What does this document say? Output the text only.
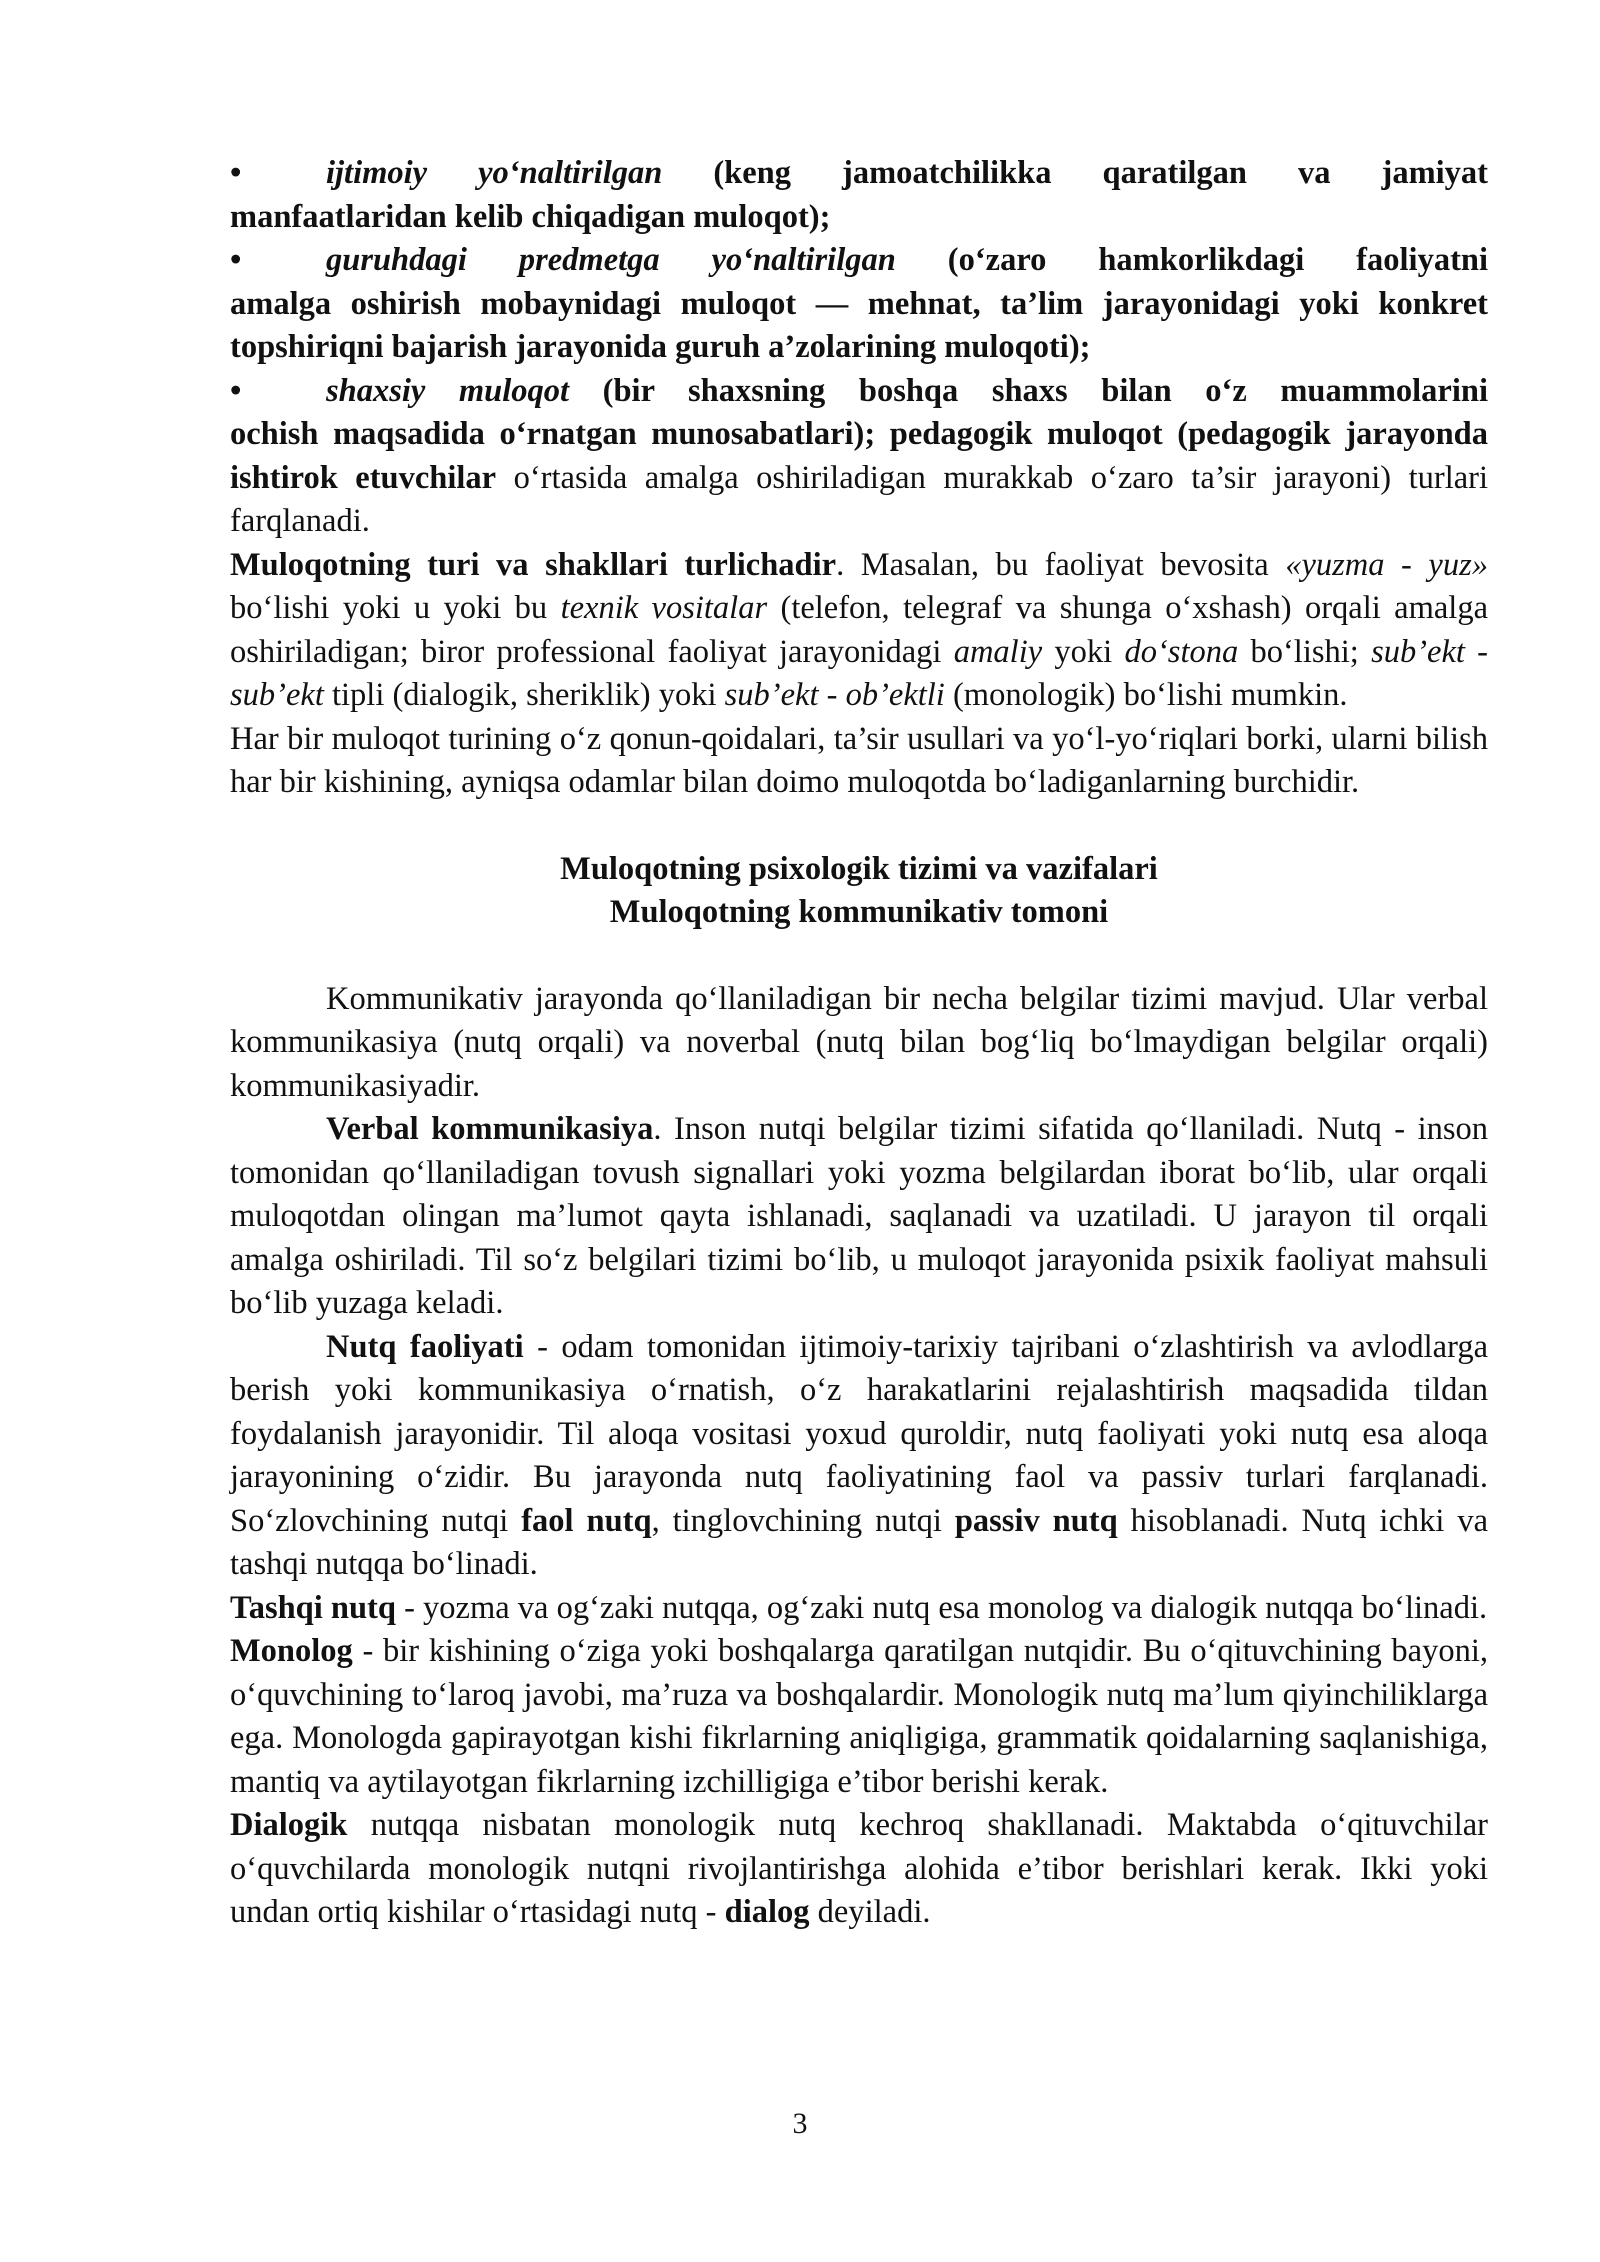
•	ijtimoiy yo‘naltirilgan (keng jamoatchilikka qaratilgan va jamiyat

manfaatlaridan kelib chiqadigan muloqot);

•	guruhdagi predmetga yo‘naltirilgan (o‘zaro hamkorlikdagi faoliyatni

amalga oshirish mobaynidagi muloqot — mehnat, ta’lim jarayonidagi yoki konkret topshiriqni bajarish jarayonida guruh a’zolarining muloqoti);

•	shaxsiy muloqot (bir shaxsning boshqa shaxs bilan o‘z muammolarini

ochish maqsadida o‘rnatgan munosabatlari); pedagogik muloqot (pedagogik jarayonda ishtirok etuvchilar o‘rtasida amalga oshiriladigan murakkab o‘zaro ta’sir jarayoni) turlari farqlanadi.

Muloqotning turi va shakllari turlichadir. Masalan, bu faoliyat bevosita «yuzma - yuz» bo‘lishi yoki u yoki bu texnik vositalar (telefon, telegraf va shunga o‘xshash) orqali amalga oshiriladigan; biror professional faoliyat jarayonidagi amaliy yoki do‘stona bo‘lishi; sub’ekt - sub’ekt tipli (dialogik, sheriklik) yoki sub’ekt - ob’ektli (monologik) bo‘lishi mumkin.

Har bir muloqot turining o‘z qonun-qoidalari, ta’sir usullari va yo‘l-yo‘riqlari borki, ularni bilish har bir kishining, ayniqsa odamlar bilan doimo muloqotda bo‘ladiganlarning burchidir.

Muloqotning psixologik tizimi va vazifalari

Muloqotning kommunikativ tomoni

Kommunikativ jarayonda qo‘llaniladigan bir necha belgilar tizimi mavjud. Ular verbal kommunikasiya (nutq orqali) va noverbal (nutq bilan bog‘liq bo‘lmaydigan belgilar orqali) kommunikasiyadir.

Verbal kommunikasiya. Inson nutqi belgilar tizimi sifatida qo‘llaniladi. Nutq - inson tomonidan qo‘llaniladigan tovush signallari yoki yozma belgilardan iborat bo‘lib, ular orqali muloqotdan olingan ma’lumot qayta ishlanadi, saqlanadi va uzatiladi. U jarayon til orqali amalga oshiriladi. Til so‘z belgilari tizimi bo‘lib, u muloqot jarayonida psixik faoliyat mahsuli bo‘lib yuzaga keladi.

Nutq faoliyati - odam tomonidan ijtimoiy-tarixiy tajribani o‘zlashtirish va avlodlarga berish yoki kommunikasiya o‘rnatish, o‘z harakatlarini rejalashtirish maqsadida tildan foydalanish jarayonidir. Til aloqa vositasi yoxud quroldir, nutq faoliyati yoki nutq esa aloqa jarayonining o‘zidir. Bu jarayonda nutq faoliyatining faol va passiv turlari farqlanadi. So‘zlovchining nutqi faol nutq, tinglovchining nutqi passiv nutq hisoblanadi. Nutq ichki va tashqi nutqqa bo‘linadi.

Tashqi nutq - yozma va og‘zaki nutqqa, og‘zaki nutq esa monolog va dialogik nutqqa bo‘linadi.

Monolog - bir kishining o‘ziga yoki boshqalarga qaratilgan nutqidir. Bu o‘qituvchining bayoni, o‘quvchining to‘laroq javobi, ma’ruza va boshqalardir. Monologik nutq ma’lum qiyinchiliklarga ega. Monologda gapirayotgan kishi fikrlarning aniqligiga, grammatik qoidalarning saqlanishiga, mantiq va aytilayotgan fikrlarning izchilligiga e’tibor berishi kerak.

Dialogik nutqqa nisbatan monologik nutq kechroq shakllanadi. Maktabda o‘qituvchilar o‘quvchilarda monologik nutqni rivojlantirishga alohida e’tibor berishlari kerak. Ikki yoki undan ortiq kishilar o‘rtasidagi nutq - dialog deyiladi.

3
